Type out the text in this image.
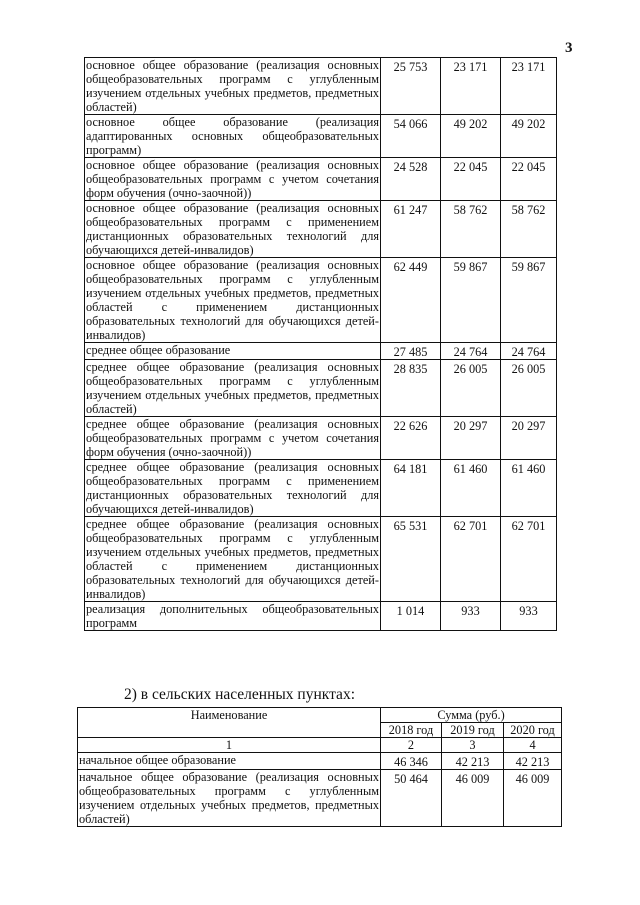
3
основное общее образование (реализация основных общеобразовательных программ с углубленным изучением отдельных учебных предметов, предметных областей)	25 753	23 171	23 171
основное общее образование (реализация адаптированных основных общеобразовательных программ)	54 066	49 202	49 202
основное общее образование (реализация основных общеобразовательных программ с учетом сочетания форм обучения (очно-заочной))	24 528	22 045	22 045
основное общее образование (реализация основных общеобразовательных программ с применением дистанционных образовательных технологий для обучающихся детей-инвалидов)	61 247	58 762	58 762
основное общее образование (реализация основных общеобразовательных программ с углубленным изучением отдельных учебных предметов, предметных областей с применением дистанционных образовательных технологий для обучающихся детей-инвалидов)	62 449	59 867	59 867
среднее общее образование	27 485	24 764	24 764
среднее общее образование (реализация основных общеобразовательных программ с углубленным изучением отдельных учебных предметов, предметных областей)	28 835	26 005	26 005
среднее общее образование (реализация основных общеобразовательных программ с учетом сочетания форм обучения (очно-заочной))	22 626	20 297	20 297
среднее общее образование (реализация основных общеобразовательных программ с применением дистанционных образовательных технологий для обучающихся детей-инвалидов)	64 181	61 460	61 460
среднее общее образование (реализация основных общеобразовательных программ с углубленным изучением отдельных учебных предметов, предметных областей с применением дистанционных образовательных технологий для обучающихся детей-инвалидов)	65 531	62 701	62 701
реализация дополнительных общеобразовательных программ	1 014	933	933
2) в сельских населенных пунктах:
Наименование	Сумма (руб.)		
	2018 год	2019 год	2020 год
1	2	3	4
начальное общее образование	46 346	42 213	42 213
начальное общее образование (реализация основных общеобразовательных программ с углубленным изучением отдельных учебных предметов, предметных областей)	50 464	46 009	46 009
